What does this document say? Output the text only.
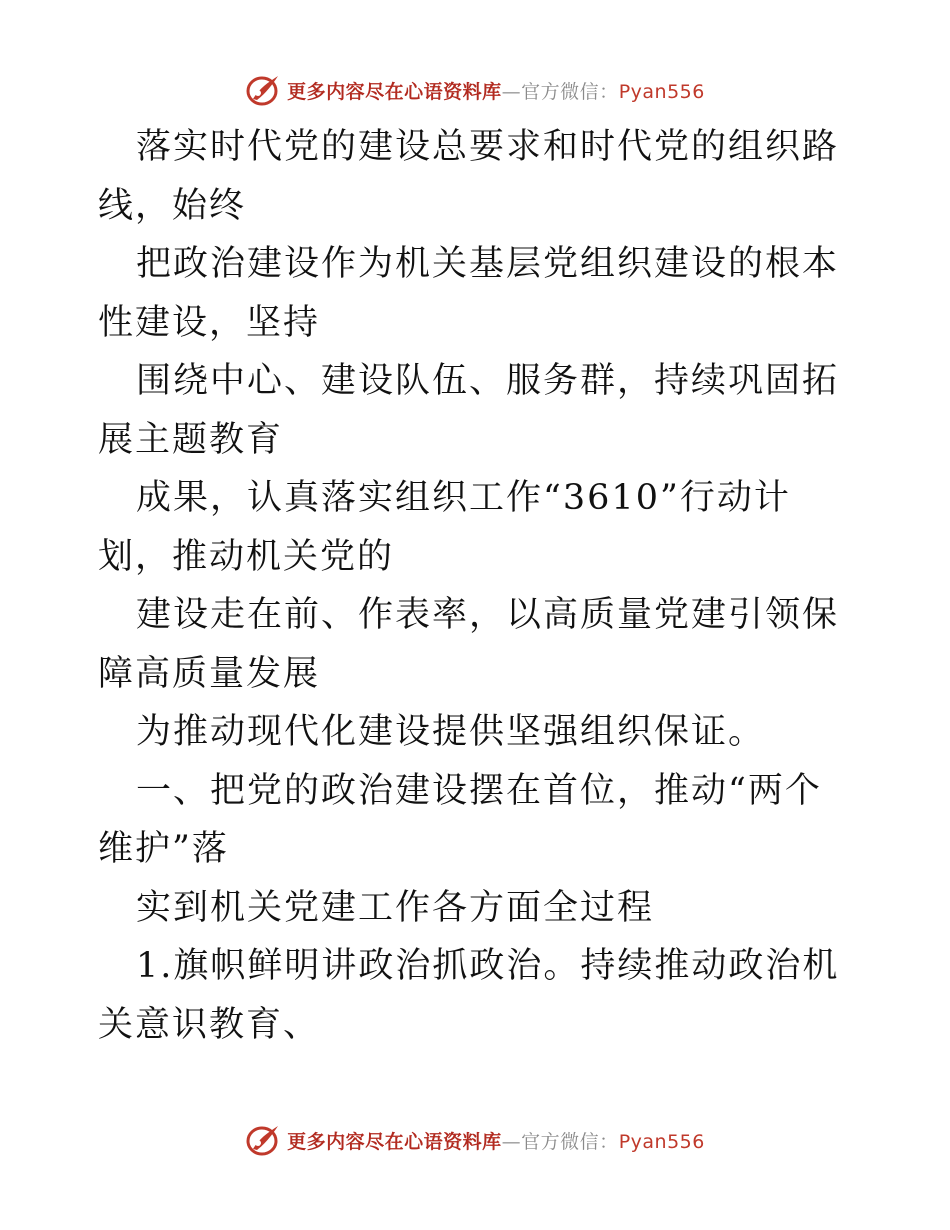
更多内容尽在心语资料库—官方微信：Pyan556

落实时代党的建设总要求和时代党的组织路线，始终

把政治建设作为机关基层党组织建设的根本性建设，坚持

围绕中心、建设队伍、服务群，持续巩固拓展主题教育

成果，认真落实组织工作“3610”行动计划，推动机关党的

建设走在前、作表率，以高质量党建引领保障高质量发展

为推动现代化建设提供坚强组织保证。

一、把党的政治建设摆在首位，推动“两个维护”落

实到机关党建工作各方面全过程

1.旗帜鲜明讲政治抓政治。持续推动政治机关意识教育、

更多内容尽在心语资料库—官方微信：Pyan556
